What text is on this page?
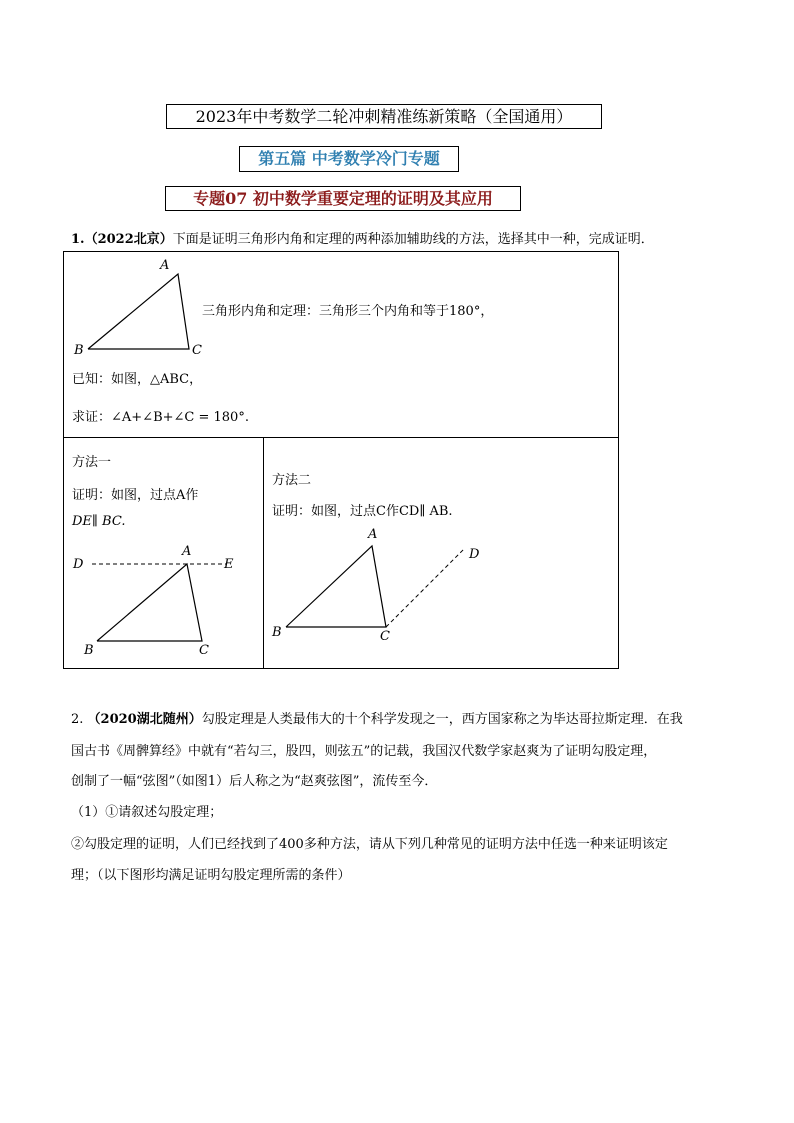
2023年中考数学二轮冲刺精准练新策略（全国通用）
第五篇 中考数学冷门专题
专题07 初中数学重要定理的证明及其应用
1.（2022北京）下面是证明三角形内角和定理的两种添加辅助线的方法，选择其中一种，完成证明．
A
B	C
三角形内角和定理：三角形三个内角和等于180°，
已知：如图，△ABC，
求证：∠A+∠B+∠C = 180°.
方法一
证明：如图，过点A作
DE∥ BC.
D
A
E
B	C
方法二
证明：如图，过点C作CD∥ AB.
A
B	C
D
2. （2020湖北随州）勾股定理是人类最伟大的十个科学发现之一，西方国家称之为毕达哥拉斯定理．在我
国古书《周髀算经》中就有“若勾三，股四，则弦五”的记载，我国汉代数学家赵爽为了证明勾股定理，
创制了一幅“弦图”（如图1）后人称之为“赵爽弦图”，流传至今．
（1）①请叙述勾股定理；
②勾股定理的证明，人们已经找到了400多种方法，请从下列几种常见的证明方法中任选一种来证明该定
理；（以下图形均满足证明勾股定理所需的条件）
